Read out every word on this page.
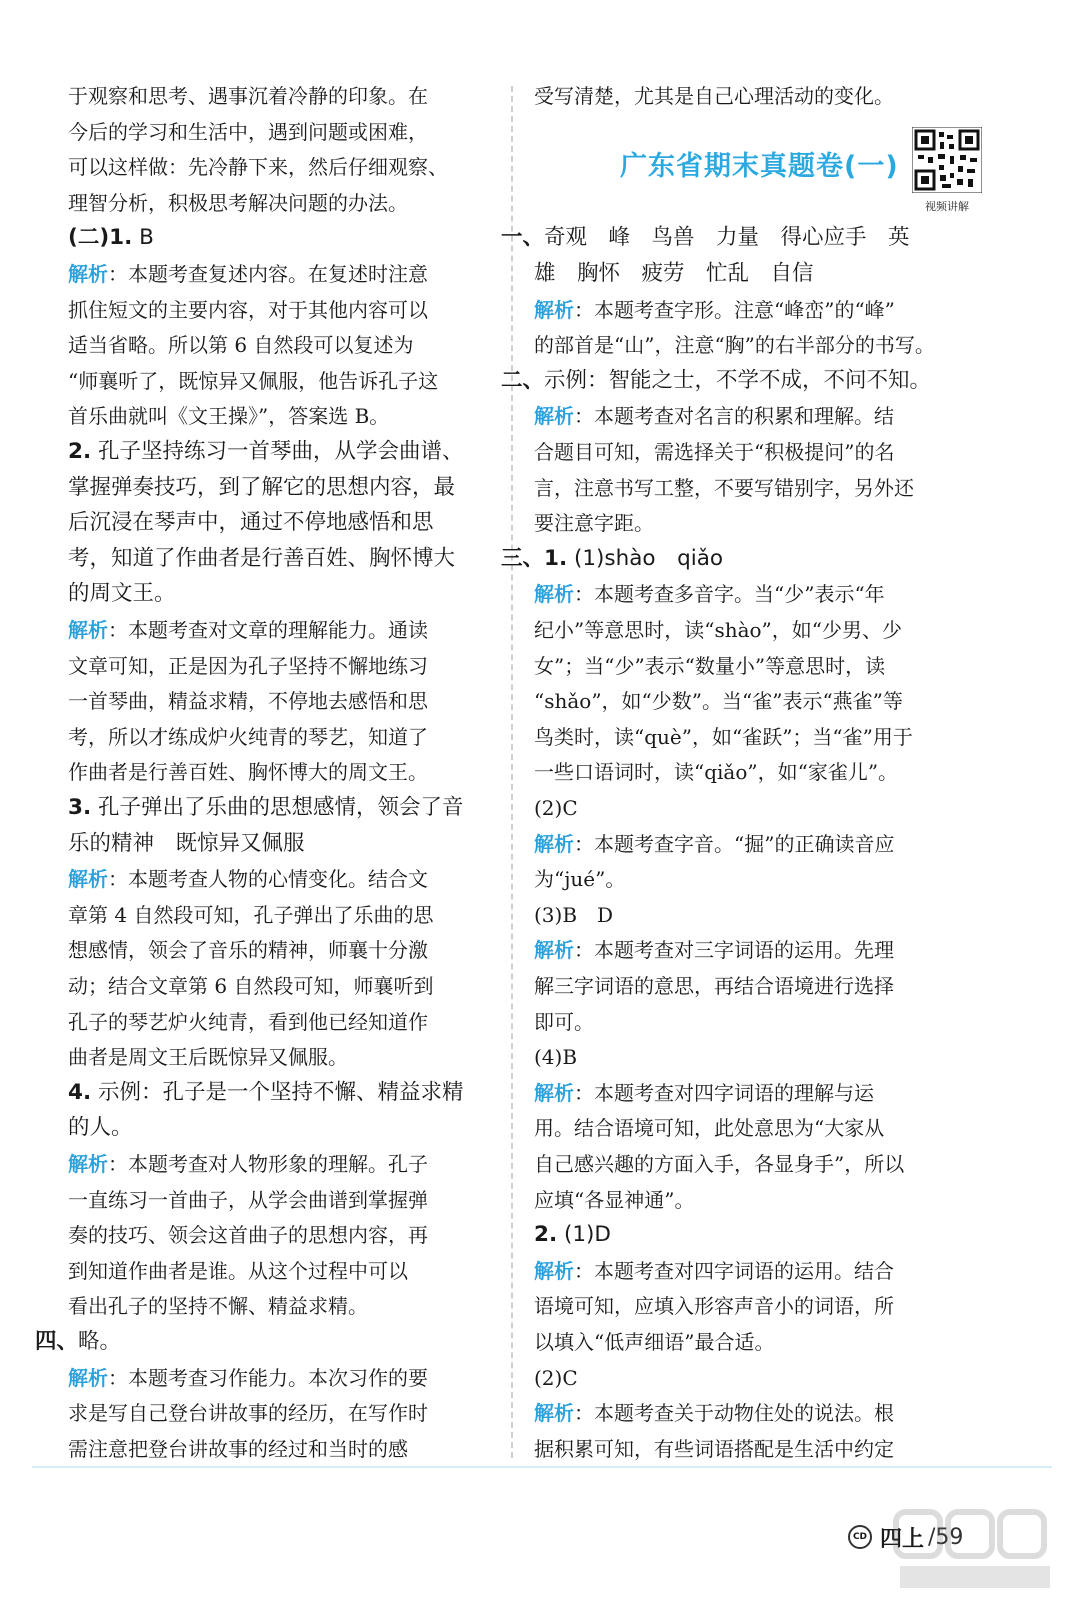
于观察和思考、遇事沉着冷静的印象。在
今后的学习和生活中，遇到问题或困难，
可以这样做：先冷静下来，然后仔细观察、
理智分析，积极思考解决问题的办法。
(二)1. B
解析：本题考查复述内容。在复述时注意
抓住短文的主要内容，对于其他内容可以
适当省略。所以第 6 自然段可以复述为
“师襄听了，既惊异又佩服，他告诉孔子这
首乐曲就叫《文王操》”，答案选 B。
2. 孔子坚持练习一首琴曲，从学会曲谱、
掌握弹奏技巧，到了解它的思想内容，最
后沉浸在琴声中，通过不停地感悟和思
考，知道了作曲者是行善百姓、胸怀博大
的周文王。
解析：本题考查对文章的理解能力。通读
文章可知，正是因为孔子坚持不懈地练习
一首琴曲，精益求精，不停地去感悟和思
考，所以才练成炉火纯青的琴艺，知道了
作曲者是行善百姓、胸怀博大的周文王。
3. 孔子弹出了乐曲的思想感情，领会了音
乐的精神　既惊异又佩服
解析：本题考查人物的心情变化。结合文
章第 4 自然段可知，孔子弹出了乐曲的思
想感情，领会了音乐的精神，师襄十分激
动；结合文章第 6 自然段可知，师襄听到
孔子的琴艺炉火纯青，看到他已经知道作
曲者是周文王后既惊异又佩服。
4. 示例：孔子是一个坚持不懈、精益求精
的人。
解析：本题考查对人物形象的理解。孔子
一直练习一首曲子，从学会曲谱到掌握弹
奏的技巧、领会这首曲子的思想内容，再
到知道作曲者是谁。从这个过程中可以
看出孔子的坚持不懈、精益求精。
四、略。
解析：本题考查习作能力。本次习作的要
求是写自己登台讲故事的经历，在写作时
需注意把登台讲故事的经过和当时的感
受写清楚，尤其是自己心理活动的变化。
一、奇观　峰　鸟兽　力量　得心应手　英
雄　胸怀　疲劳　忙乱　自信
解析：本题考查字形。注意“峰峦”的“峰”
的部首是“山”，注意“胸”的右半部分的书写。
二、示例：智能之士，不学不成，不问不知。
解析：本题考查对名言的积累和理解。结
合题目可知，需选择关于“积极提问”的名
言，注意书写工整，不要写错别字，另外还
要注意字距。
三、1. (1)shào　qiǎo
解析：本题考查多音字。当“少”表示“年
纪小”等意思时，读“shào”，如“少男、少
女”；当“少”表示“数量小”等意思时，读
“shǎo”，如“少数”。当“雀”表示“燕雀”等
鸟类时，读“què”，如“雀跃”；当“雀”用于
一些口语词时，读“qiǎo”，如“家雀儿”。
(2)C
解析：本题考查字音。“掘”的正确读音应
为“jué”。
(3)B　D
解析：本题考查对三字词语的运用。先理
解三字词语的意思，再结合语境进行选择
即可。
(4)B
解析：本题考查对四字词语的理解与运
用。结合语境可知，此处意思为“大家从
自己感兴趣的方面入手，各显身手”，所以
应填“各显神通”。
2. (1)D
解析：本题考查对四字词语的运用。结合
语境可知，应填入形容声音小的词语，所
以填入“低声细语”最合适。
(2)C
解析：本题考查关于动物住处的说法。根
据积累可知，有些词语搭配是生活中约定
广东省期末真题卷(一)
视频讲解
CD 四上 /59
